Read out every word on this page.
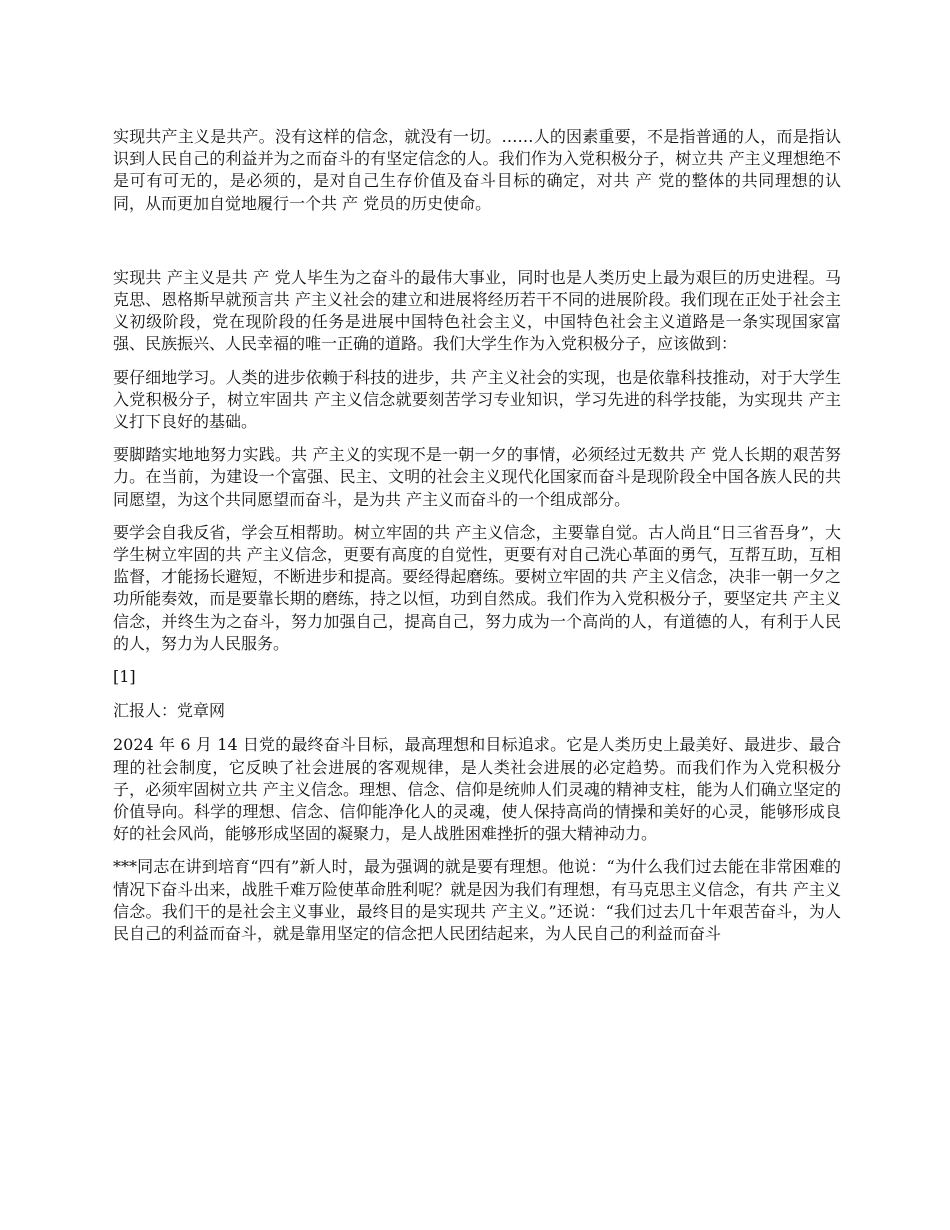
实现共产主义是共产。没有这样的信念，就没有一切。……人的因素重要，不是指普通的人，而是指认识到人民自己的利益并为之而奋斗的有坚定信念的人。我们作为入党积极分子，树立共 产主义理想绝不是可有可无的，是必须的，是对自己生存价值及奋斗目标的确定，对共 产 党的整体的共同理想的认同，从而更加自觉地履行一个共 产 党员的历史使命。

实现共 产主义是共 产 党人毕生为之奋斗的最伟大事业，同时也是人类历史上最为艰巨的历史进程。马克思、恩格斯早就预言共 产主义社会的建立和进展将经历若干不同的进展阶段。我们现在正处于社会主义初级阶段，党在现阶段的任务是进展中国特色社会主义，中国特色社会主义道路是一条实现国家富强、民族振兴、人民幸福的唯一正确的道路。我们大学生作为入党积极分子，应该做到：

要仔细地学习。人类的进步依赖于科技的进步，共 产主义社会的实现，也是依靠科技推动，对于大学生入党积极分子，树立牢固共 产主义信念就要刻苦学习专业知识，学习先进的科学技能，为实现共 产主义打下良好的基础。

要脚踏实地地努力实践。共 产主义的实现不是一朝一夕的事情，必须经过无数共 产 党人长期的艰苦努力。在当前，为建设一个富强、民主、文明的社会主义现代化国家而奋斗是现阶段全中国各族人民的共同愿望，为这个共同愿望而奋斗，是为共 产主义而奋斗的一个组成部分。

要学会自我反省，学会互相帮助。树立牢固的共 产主义信念，主要靠自觉。古人尚且“日三省吾身”，大学生树立牢固的共 产主义信念，更要有高度的自觉性，更要有对自己洗心革面的勇气，互帮互助，互相监督，才能扬长避短，不断进步和提高。要经得起磨练。要树立牢固的共 产主义信念，决非一朝一夕之功所能奏效，而是要靠长期的磨练，持之以恒，功到自然成。我们作为入党积极分子，要坚定共 产主义信念，并终生为之奋斗，努力加强自己，提高自己，努力成为一个高尚的人，有道德的人，有利于人民的人，努力为人民服务。

[1]

汇报人：党章网

2024 年 6 月 14 日党的最终奋斗目标，最高理想和目标追求。它是人类历史上最美好、最进步、最合理的社会制度，它反映了社会进展的客观规律，是人类社会进展的必定趋势。而我们作为入党积极分子，必须牢固树立共 产主义信念。理想、信念、信仰是统帅人们灵魂的精神支柱，能为人们确立坚定的价值导向。科学的理想、信念、信仰能净化人的灵魂，使人保持高尚的情操和美好的心灵，能够形成良好的社会风尚，能够形成坚固的凝聚力，是人战胜困难挫折的强大精神动力。

***同志在讲到培育“四有”新人时，最为强调的就是要有理想。他说：“为什么我们过去能在非常困难的情况下奋斗出来，战胜千难万险使革命胜利呢？就是因为我们有理想，有马克思主义信念，有共 产主义信念。我们干的是社会主义事业，最终目的是实现共 产主义。”还说：“我们过去几十年艰苦奋斗，为人民自己的利益而奋斗，就是靠用坚定的信念把人民团结起来，为人民自己的利益而奋斗
